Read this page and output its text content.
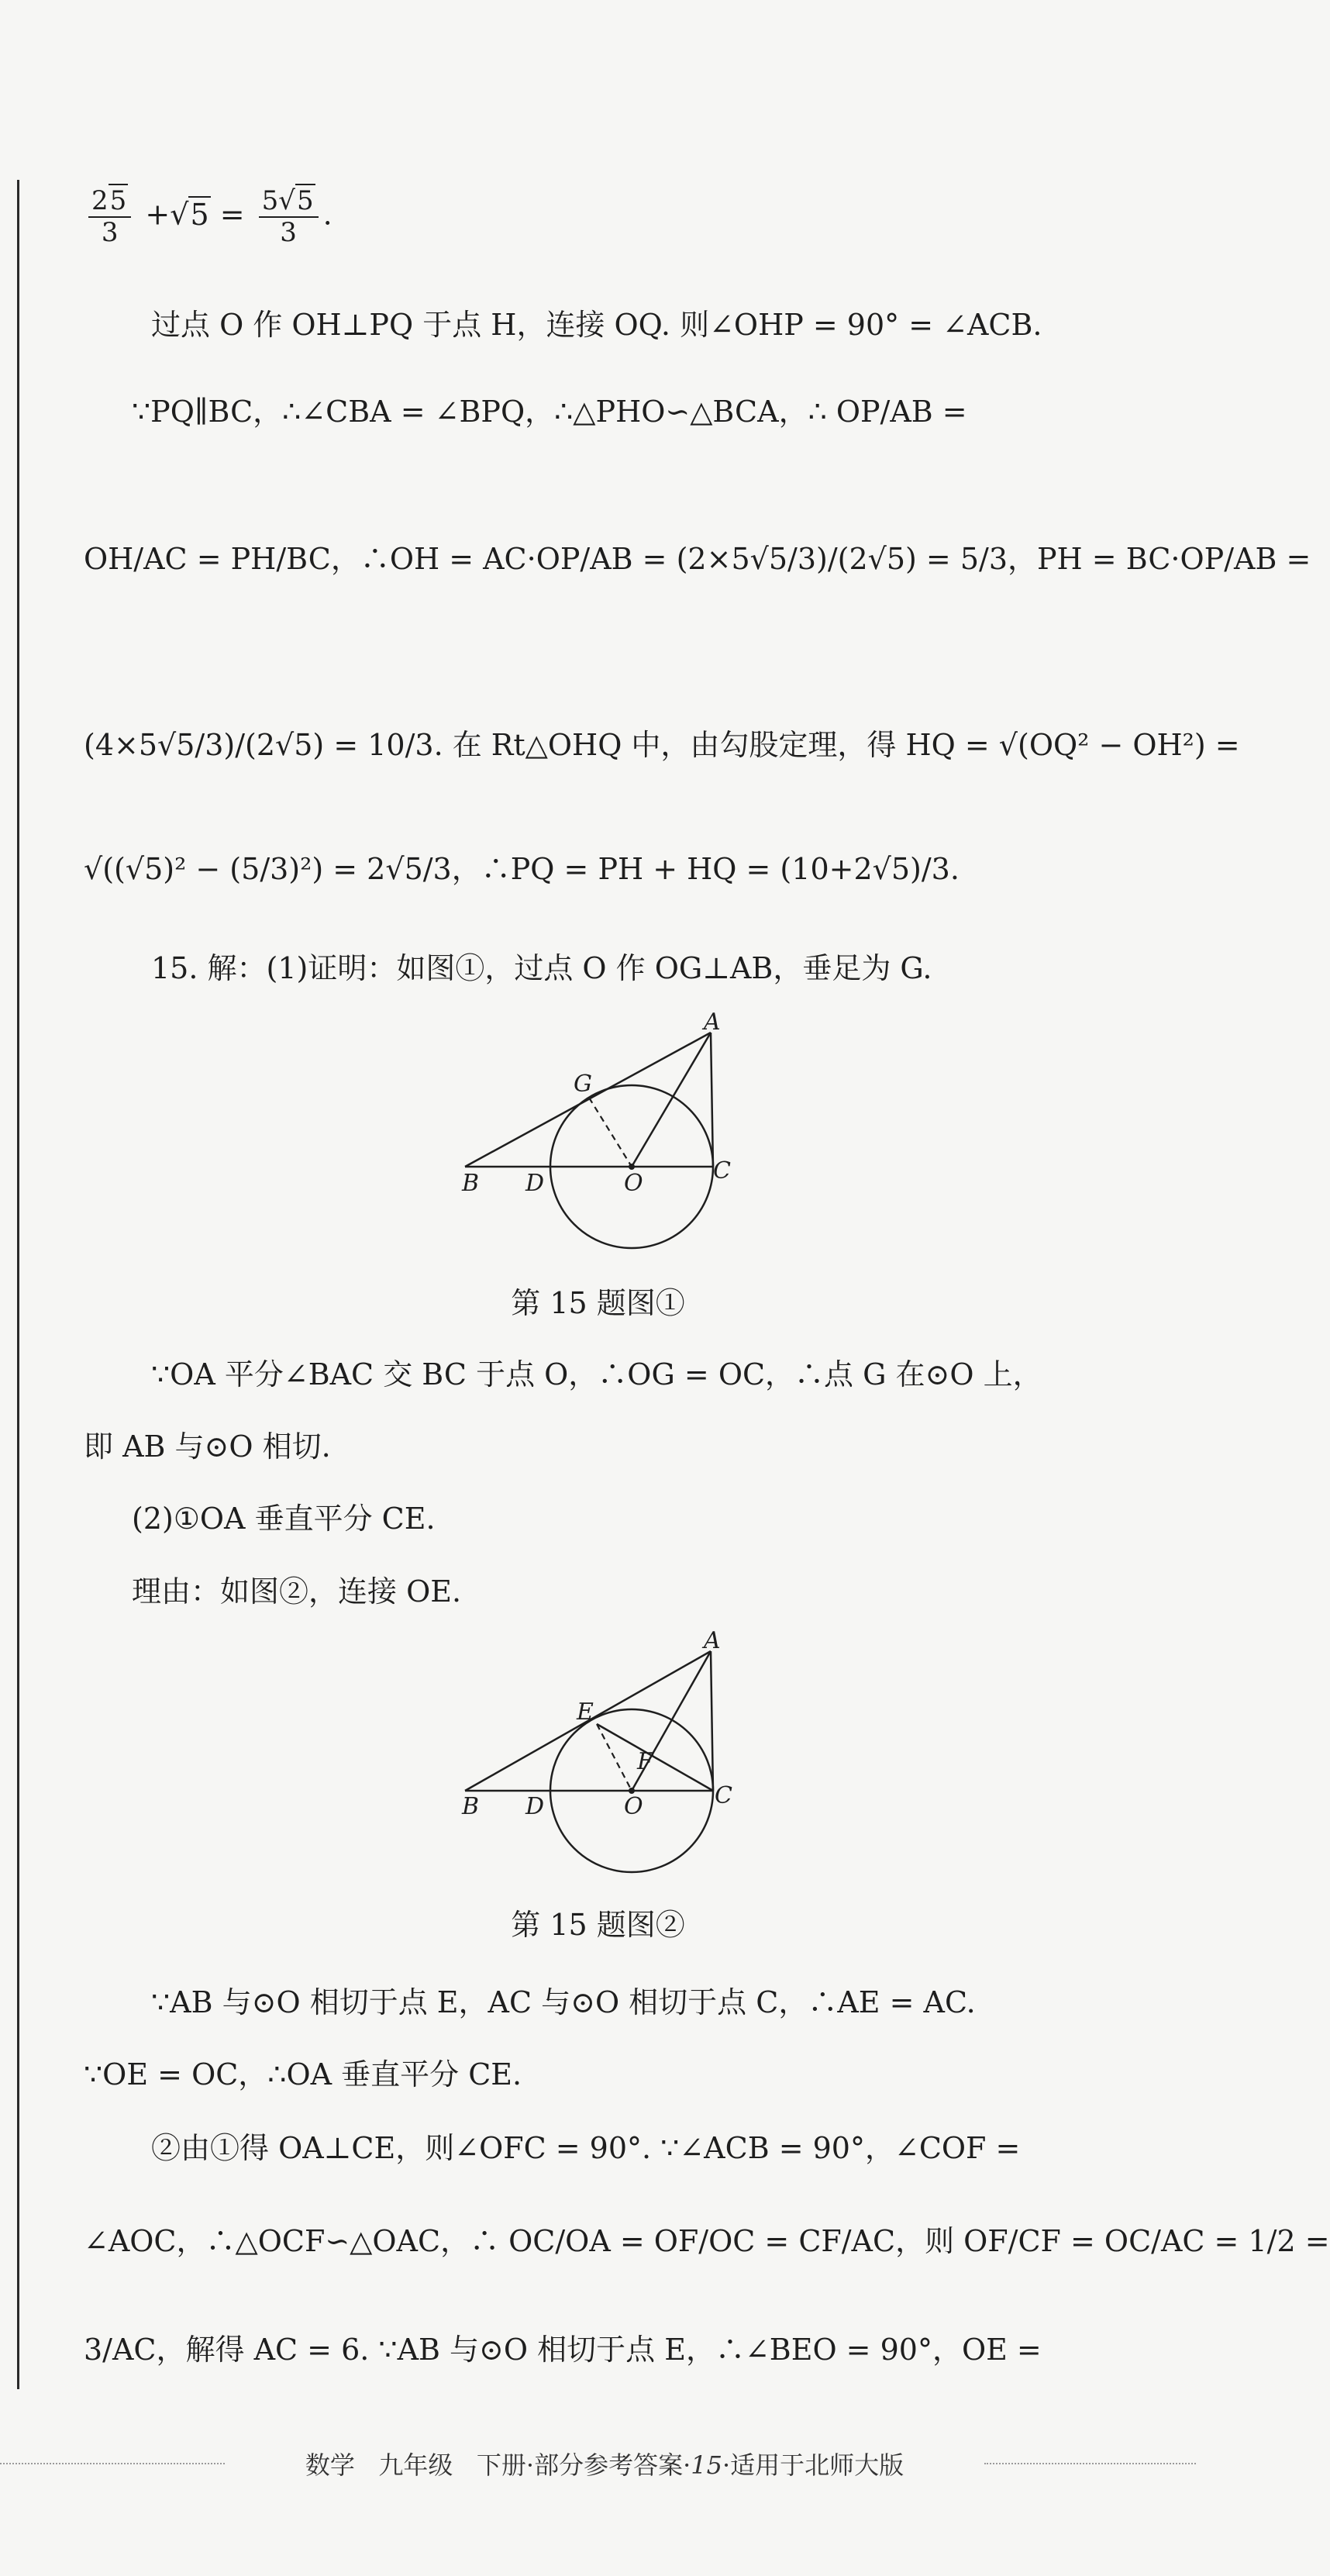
$\frac{25}{3} +√5 = \frac{5√5}{3}$ .
过点 O 作 OH⊥PQ 于点 H，连接 OQ. 则∠OHP = 90° = ∠ACB.
∵PQ∥BC，∴∠CBA = ∠BPQ，∴△PHO∽△BCA，∴ OP/AB =
OH/AC = PH/BC，∴OH = AC·OP/AB = (2×5√5/3)/(2√5) = 5/3，PH = BC·OP/AB =
(4×5√5/3)/(2√5) = 10/3. 在 Rt△OHQ 中，由勾股定理，得 HQ = √(OQ² − OH²) =
√((√5)² − (5/3)²) = 2√5/3，∴PQ = PH + HQ = (10+2√5)/3.
15. 解：(1)证明：如图①，过点 O 作 OG⊥AB，垂足为 G.
A
G
B D	O	C
第 15 题图①
∵OA 平分∠BAC 交 BC 于点 O，∴OG = OC，∴点 G 在⊙O 上，
即 AB 与⊙O 相切.
(2)①OA 垂直平分 CE.
理由：如图②，连接 OE.
A
E
F
B D	O	C
第 15 题图②
∵AB 与⊙O 相切于点 E，AC 与⊙O 相切于点 C，∴AE = AC.
∵OE = OC，∴OA 垂直平分 CE.
②由①得 OA⊥CE，则∠OFC = 90°. ∵∠ACB = 90°，∠COF =
∠AOC，∴△OCF∽△OAC，∴ OC/OA = OF/OC = CF/AC，则 OF/CF = OC/AC = 1/2 =
3/AC，解得 AC = 6. ∵AB 与⊙O 相切于点 E，∴∠BEO = 90°，OE =
数学 九年级 下册·部分参考答案·15·适用于北师大版
